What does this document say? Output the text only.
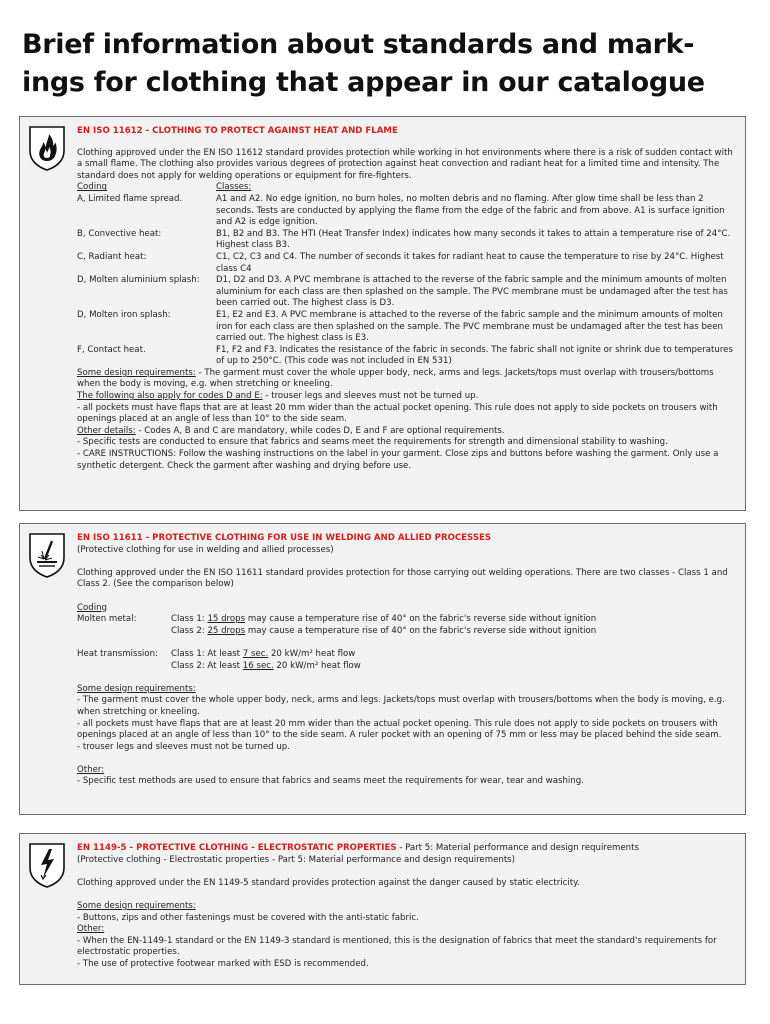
Brief information about standards and mark-ings for clothing that appear in our catalogue
EN ISO 11612 - CLOTHING TO PROTECT AGAINST HEAT AND FLAME

Clothing approved under the EN ISO 11612 standard provides protection while working in hot environments where there is a risk of sudden contact with a small flame. The clothing also provides various degrees of protection against heat convection and radiant heat for a limited time and intensity. The standard does not apply for welding operations or equipment for fire-fighters.

Coding	Classes:
A, Limited flame spread.	A1 and A2. No edge ignition, no burn holes, no molten debris and no flaming. After glow time shall be less than 2 seconds. Tests are conducted by applying the flame from the edge of the fabric and from above. A1 is surface ignition and A2 is edge ignition.
B, Convective heat:	B1, B2 and B3. The HTI (Heat Transfer Index) indicates how many seconds it takes to attain a temperature rise of 24°C. Highest class B3.
C, Radiant heat:	C1, C2, C3 and C4. The number of seconds it takes for radiant heat to cause the temperature to rise by 24°C. Highest class C4
D, Molten aluminium splash:	D1, D2 and D3. A PVC membrane is attached to the reverse of the fabric sample and the minimum amounts of molten aluminium for each class are then splashed on the sample. The PVC membrane must be undamaged after the test has been carried out. The highest class is D3.
D, Molten iron splash:	E1, E2 and E3. A PVC membrane is attached to the reverse of the fabric sample and the minimum amounts of molten iron for each class are then splashed on the sample. The PVC membrane must be undamaged after the test has been carried out. The highest class is E3.
F, Contact heat.	F1, F2 and F3. Indicates the resistance of the fabric in seconds. The fabric shall not ignite or shrink due to temperatures of up to 250°C. (This code was not included in EN 531)

Some design requirements: - The garment must cover the whole upper body, neck, arms and legs. Jackets/tops must overlap with trousers/bottoms when the body is moving, e.g. when stretching or kneeling.

The following also apply for codes D and E: - trouser legs and sleeves must not be turned up.

- all pockets must have flaps that are at least 20 mm wider than the actual pocket opening. This rule does not apply to side pockets on trousers with openings placed at an angle of less than 10° to the side seam.

Other details: - Codes A, B and C are mandatory, while codes D, E and F are optional requirements.

- Specific tests are conducted to ensure that fabrics and seams meet the requirements for strength and dimensional stability to washing.

- CARE INSTRUCTIONS: Follow the washing instructions on the label in your garment. Close zips and buttons before washing the garment. Only use a synthetic detergent. Check the garment after washing and drying before use.

EN ISO 11611 - PROTECTIVE CLOTHING FOR USE IN WELDING AND ALLIED PROCESSES

(Protective clothing for use in welding and allied processes)

Clothing approved under the EN ISO 11611 standard provides protection for those carrying out welding operations. There are two classes - Class 1 and Class 2. (See the comparison below)

Coding

Molten metal:	Class 1: 15 drops may cause a temperature rise of 40° on the fabric's reverse side without ignition
Class 2: 25 drops may cause a temperature rise of 40° on the fabric's reverse side without ignition
Heat transmission:	Class 1: At least 7 sec. 20 kW/m² heat flow
Class 2: At least 16 sec. 20 kW/m² heat flow

Some design requirements:

- The garment must cover the whole upper body, neck, arms and legs. Jackets/tops must overlap with trousers/bottoms when the body is moving, e.g. when stretching or kneeling.

- all pockets must have flaps that are at least 20 mm wider than the actual pocket opening. This rule does not apply to side pockets on trousers with openings placed at an angle of less than 10° to the side seam. A ruler pocket with an opening of 75 mm or less may be placed behind the side seam.

- trouser legs and sleeves must not be turned up.

Other:

- Specific test methods are used to ensure that fabrics and seams meet the requirements for wear, tear and washing.

EN 1149-5 - PROTECTIVE CLOTHING - ELECTROSTATIC PROPERTIES - Part 5: Material performance and design requirements

(Protective clothing - Electrostatic properties - Part 5: Material performance and design requirements)

Clothing approved under the EN 1149-5 standard provides protection against the danger caused by static electricity.

Some design requirements:

- Buttons, zips and other fastenings must be covered with the anti-static fabric.

Other:

- When the EN-1149-1 standard or the EN 1149-3 standard is mentioned, this is the designation of fabrics that meet the standard's requirements for electrostatic properties.

- The use of protective footwear marked with ESD is recommended.
